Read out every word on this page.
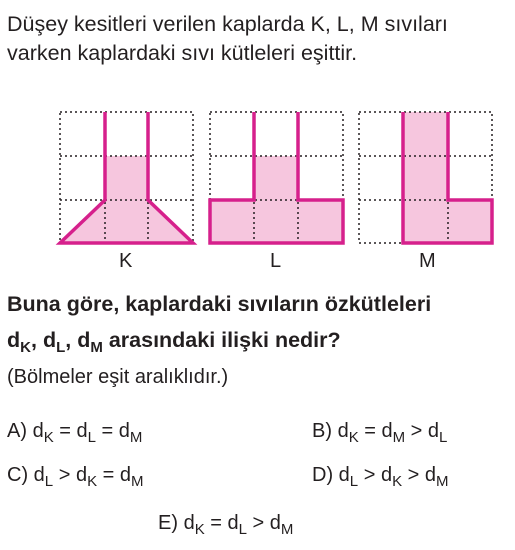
Düşey kesitleri verilen kaplarda K, L, M sıvıları
varken kaplardaki sıvı kütleleri eşittir.
K	L	M
Buna göre, kaplardaki sıvıların özkütleleri
$d_K$, $d_L$, $d_M$ arasındaki ilişki nedir?
(Bölmeler eşit aralıklıdır.)
A) $d_K = d_L = d_M$	B) $d_K = d_M > d_L$
C) $d_L > d_K = d_M$	D) $d_L > d_K > d_M$
E) $d_K = d_L > d_M$
